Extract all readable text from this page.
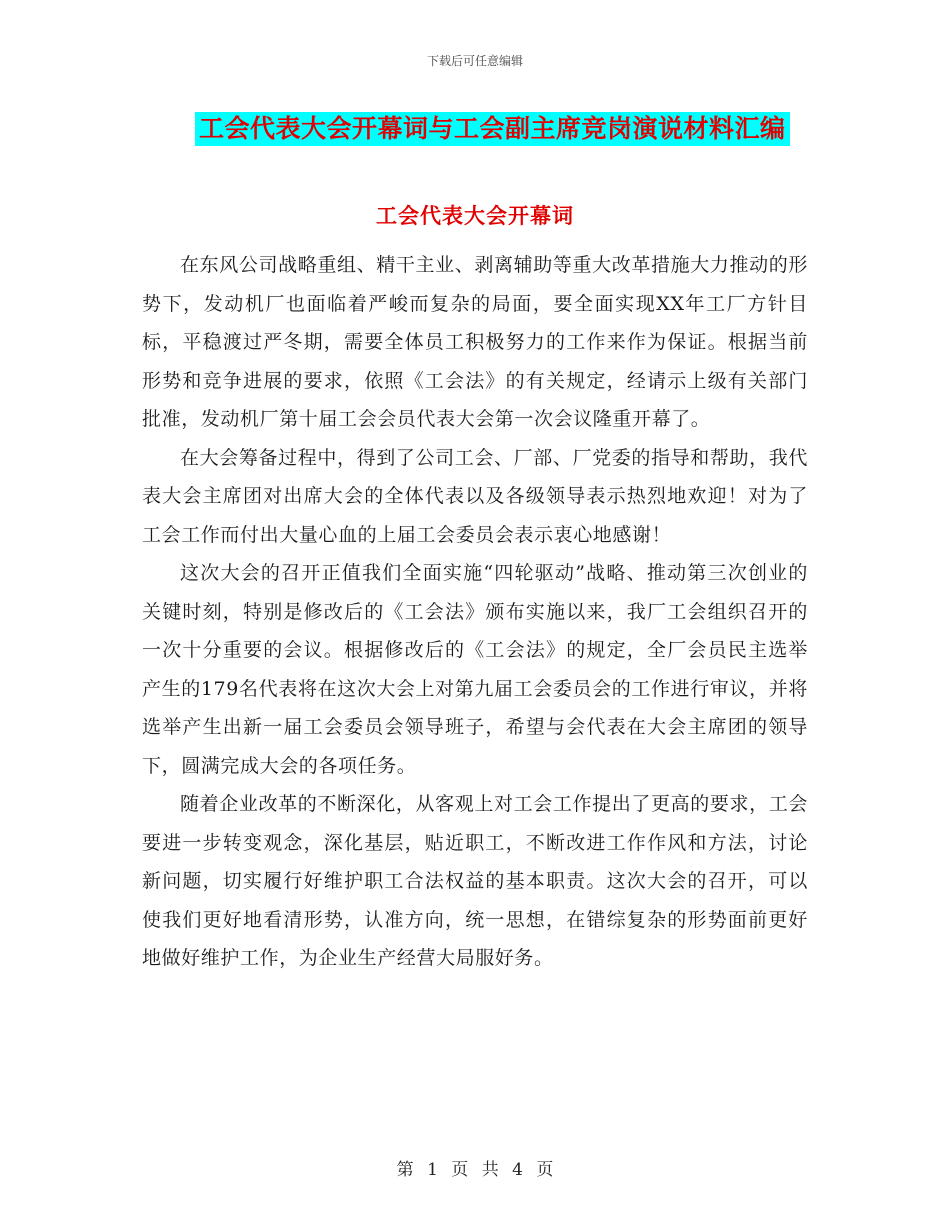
下载后可任意编辑
工会代表大会开幕词与工会副主席竞岗演说材料汇编
工会代表大会开幕词

在东风公司战略重组、精干主业、剥离辅助等重大改革措施大力推动的形势下，发动机厂也面临着严峻而复杂的局面，要全面实现XX年工厂方针目标，平稳渡过严冬期，需要全体员工积极努力的工作来作为保证。根据当前形势和竞争进展的要求，依照《工会法》的有关规定，经请示上级有关部门批准，发动机厂第十届工会会员代表大会第一次会议隆重开幕了。

在大会筹备过程中，得到了公司工会、厂部、厂党委的指导和帮助，我代表大会主席团对出席大会的全体代表以及各级领导表示热烈地欢迎！对为了工会工作而付出大量心血的上届工会委员会表示衷心地感谢！

这次大会的召开正值我们全面实施“四轮驱动”战略、推动第三次创业的关键时刻，特别是修改后的《工会法》颁布实施以来，我厂工会组织召开的一次十分重要的会议。根据修改后的《工会法》的规定，全厂会员民主选举产生的179名代表将在这次大会上对第九届工会委员会的工作进行审议，并将选举产生出新一届工会委员会领导班子，希望与会代表在大会主席团的领导下，圆满完成大会的各项任务。

随着企业改革的不断深化，从客观上对工会工作提出了更高的要求，工会要进一步转变观念，深化基层，贴近职工，不断改进工作作风和方法，讨论新问题，切实履行好维护职工合法权益的基本职责。这次大会的召开，可以使我们更好地看清形势，认准方向，统一思想，在错综复杂的形势面前更好地做好维护工作，为企业生产经营大局服好务。

第 1 页 共 4 页
